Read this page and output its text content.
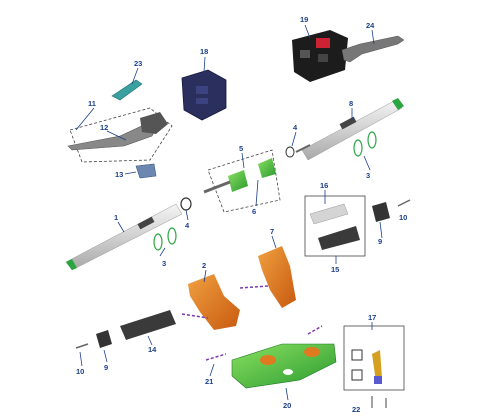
19
24
18
23
11
12
13
8
4
5
6
4
1
3
3
16
15
9
10
7
2
14
9
10
21
20
17
22
